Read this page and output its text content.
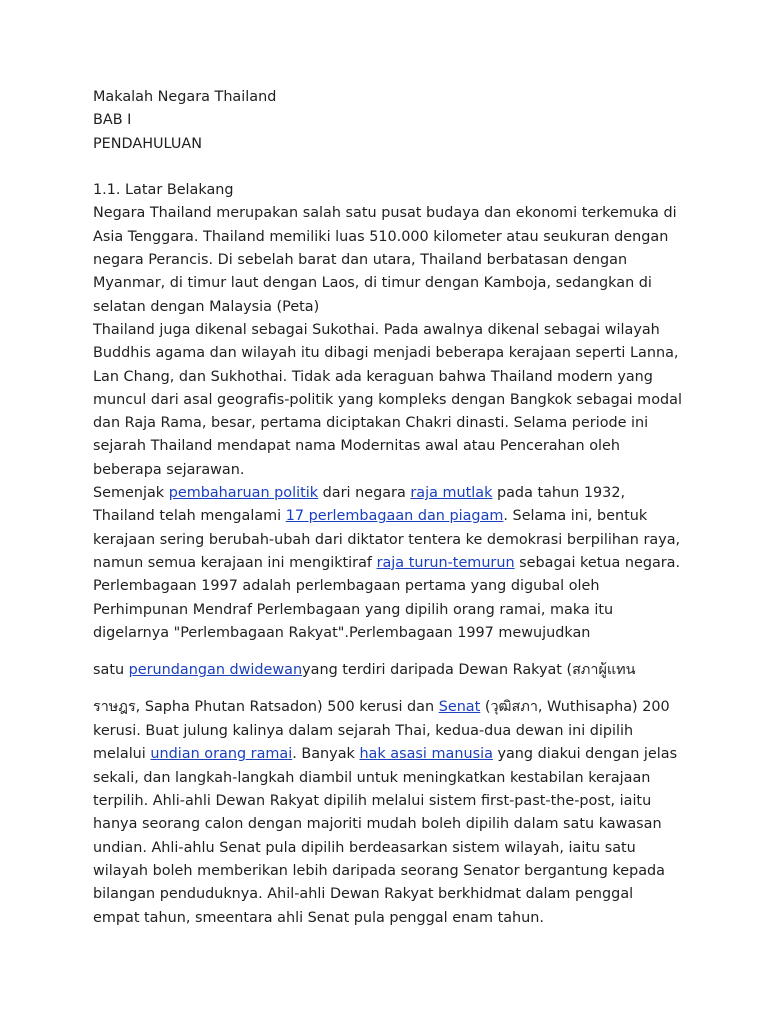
Makalah Negara Thailand
BAB I
PENDAHULUAN
1.1. Latar Belakang
Negara Thailand merupakan salah satu pusat budaya dan ekonomi terkemuka di
Asia Tenggara. Thailand memiliki luas 510.000 kilometer atau seukuran dengan
negara Perancis. Di sebelah barat dan utara, Thailand berbatasan dengan
Myanmar, di timur laut dengan Laos, di timur dengan Kamboja, sedangkan di
selatan dengan Malaysia (Peta)
Thailand juga dikenal sebagai Sukothai. Pada awalnya dikenal sebagai wilayah
Buddhis agama dan wilayah itu dibagi menjadi beberapa kerajaan seperti Lanna,
Lan Chang, dan Sukhothai. Tidak ada keraguan bahwa Thailand modern yang
muncul dari asal geografis-politik yang kompleks dengan Bangkok sebagai modal
dan Raja Rama, besar, pertama diciptakan Chakri dinasti. Selama periode ini
sejarah Thailand mendapat nama Modernitas awal atau Pencerahan oleh
beberapa sejarawan.
Semenjak pembaharuan politik dari negara raja mutlak pada tahun 1932,
Thailand telah mengalami 17 perlembagaan dan piagam. Selama ini, bentuk
kerajaan sering berubah-ubah dari diktator tentera ke demokrasi berpilihan raya,
namun semua kerajaan ini mengiktiraf raja turun-temurun sebagai ketua negara.
Perlembagaan 1997 adalah perlembagaan pertama yang digubal oleh
Perhimpunan Mendraf Perlembagaan yang dipilih orang ramai, maka itu
digelarnya "Perlembagaan Rakyat".Perlembagaan 1997 mewujudkan
satu perundangan dwidewanyang terdiri daripada Dewan Rakyat (สภาผู้แทน
ราษฎร, Sapha Phutan Ratsadon) 500 kerusi dan Senat (วุฒิสภา, Wuthisapha) 200
kerusi. Buat julung kalinya dalam sejarah Thai, kedua-dua dewan ini dipilih
melalui undian orang ramai. Banyak hak asasi manusia yang diakui dengan jelas
sekali, dan langkah-langkah diambil untuk meningkatkan kestabilan kerajaan
terpilih. Ahli-ahli Dewan Rakyat dipilih melalui sistem first-past-the-post, iaitu
hanya seorang calon dengan majoriti mudah boleh dipilih dalam satu kawasan
undian. Ahli-ahlu Senat pula dipilih berdeasarkan sistem wilayah, iaitu satu
wilayah boleh memberikan lebih daripada seorang Senator bergantung kepada
bilangan penduduknya. Ahil-ahli Dewan Rakyat berkhidmat dalam penggal
empat tahun, smeentara ahli Senat pula penggal enam tahun.
